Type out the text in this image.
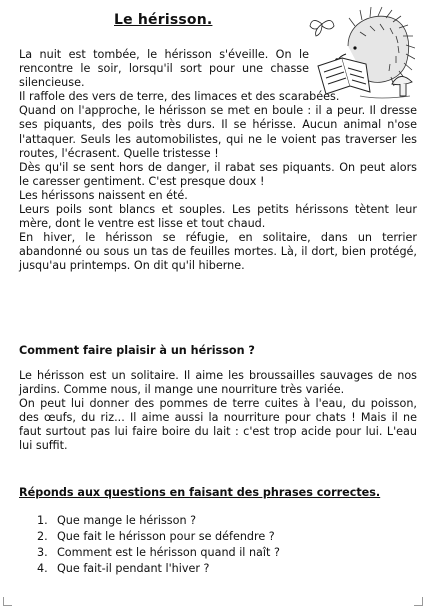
Le hérisson.

La nuit est tombée, le hérisson s'éveille. On le rencontre le soir, lorsqu'il sort pour une chasse silencieuse.

Il raffole des vers de terre, des limaces et des scarabées.

Quand on l'approche, le hérisson se met en boule : il a peur. Il dresse ses piquants, des poils très durs. Il se hérisse. Aucun animal n'ose l'attaquer. Seuls les automobilistes, qui ne le voient pas traverser les routes, l'écrasent. Quelle tristesse !

Dès qu'il se sent hors de danger, il rabat ses piquants. On peut alors le caresser gentiment. C'est presque doux !

Les hérissons naissent en été.

Leurs poils sont blancs et souples. Les petits hérissons tètent leur mère, dont le ventre est lisse et tout chaud.

En hiver, le hérisson se réfugie, en solitaire, dans un terrier abandonné ou sous un tas de feuilles mortes. Là, il dort, bien protégé, jusqu'au printemps. On dit qu'il hiberne.

Comment faire plaisir à un hérisson ?

Le hérisson est un solitaire. Il aime les broussailles sauvages de nos jardins. Comme nous, il mange une nourriture très variée.

On peut lui donner des pommes de terre cuites à l'eau, du poisson, des œufs, du riz... Il aime aussi la nourriture pour chats ! Mais il ne faut surtout pas lui faire boire du lait : c'est trop acide pour lui. L'eau lui suffit.

Réponds aux questions en faisant des phrases correctes.
1. Que mange le hérisson ?
2. Que fait le hérisson pour se défendre ?
3. Comment est le hérisson quand il naît ?
4. Que fait-il pendant l'hiver ?
